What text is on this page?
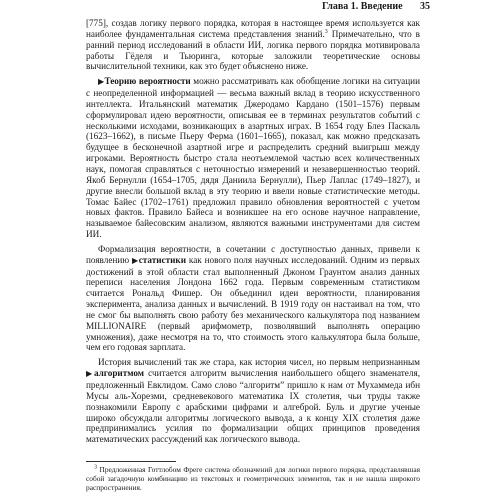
Глава 1. Введение 35

[775], создав логику первого порядка, которая в настоящее время используется как наиболее фундаментальная система представления знаний.$^3$ Примечательно, что в ранний период исследований в области ИИ, логика первого порядка мотивировала работы Гёделя и Тьюринга, которые заложили теоретические основы вычислительной техники, как это будет объяснено ниже.

▶Теорию вероятности можно рассматривать как обобщение логики на ситуации с неопределенной информацией — весьма важный вклад в теорию искусственного интеллекта. Итальянский математик Джеродамо Кардано (1501–1576) первым сформулировал идею вероятности, описывая ее в терминах результатов событий с несколькими исходами, возникающих в азартных играх. В 1654 году Блез Паскаль (1623–1662), в письме Пьеру Ферма (1601–1665), показал, как можно предсказать будущее в бесконечной азартной игре и распределить средний выигрыш между игроками. Вероятность быстро стала неотъемлемой частью всех количественных наук, помогая справляться с неточностью измерений и незавершенностью теорий. Якоб Бернулли (1654–1705, дядя Даниила Бернулли), Пьер Лаплас (1749–1827), и другие внесли большой вклад в эту теорию и ввели новые статистические методы. Томас Байес (1702–1761) предложил правило обновления вероятностей с учетом новых фактов. Правило Байеса и возникшее на его основе научное направление, называемое байесовским анализом, являются важными инструментами для систем ИИ.

Формализация вероятности, в сочетании с доступностью данных, привели к появлению ▶статистики как нового поля научных исследований. Одним из первых достижений в этой области стал выполненный Джоном Граунтом анализ данных переписи населения Лондона 1662 года. Первым современным статистиком считается Рональд Фишер. Он объединил идеи вероятности, планирования эксперимента, анализа данных и вычислений. В 1919 году он настаивал на том, что не смог бы выполнять свою работу без механического калькулятора под названием MILLIONAIRE (первый арифмометр, позволявший выполнять операцию умножения), даже несмотря на то, что стоимость этого калькулятора была больше, чем его годовая зарплата.

История вычислений так же стара, как история чисел, но первым непризнанным ▶алгоритмом считается алгоритм вычисления наибольшего общего знаменателя, предложенный Евклидом. Само слово “алгоритм” пришло к нам от Мухаммеда ибн Мусы аль-Хорезми, средневекового математика IX столетия, чьи труды также познакомили Европу с арабскими цифрами и алгеброй. Буль и другие ученые широко обсуждали алгоритмы логического вывода, а к концу XIX столетия даже предпринимались усилия по формализации общих принципов проведения математических рассуждений как логического вывода.

$^3$ Предложенная Готтлобом Фреге система обозначений для логики первого порядка, представлявшая собой загадочную комбинацию из текстовых и геометрических элементов, так и не нашла широкого распространения.
